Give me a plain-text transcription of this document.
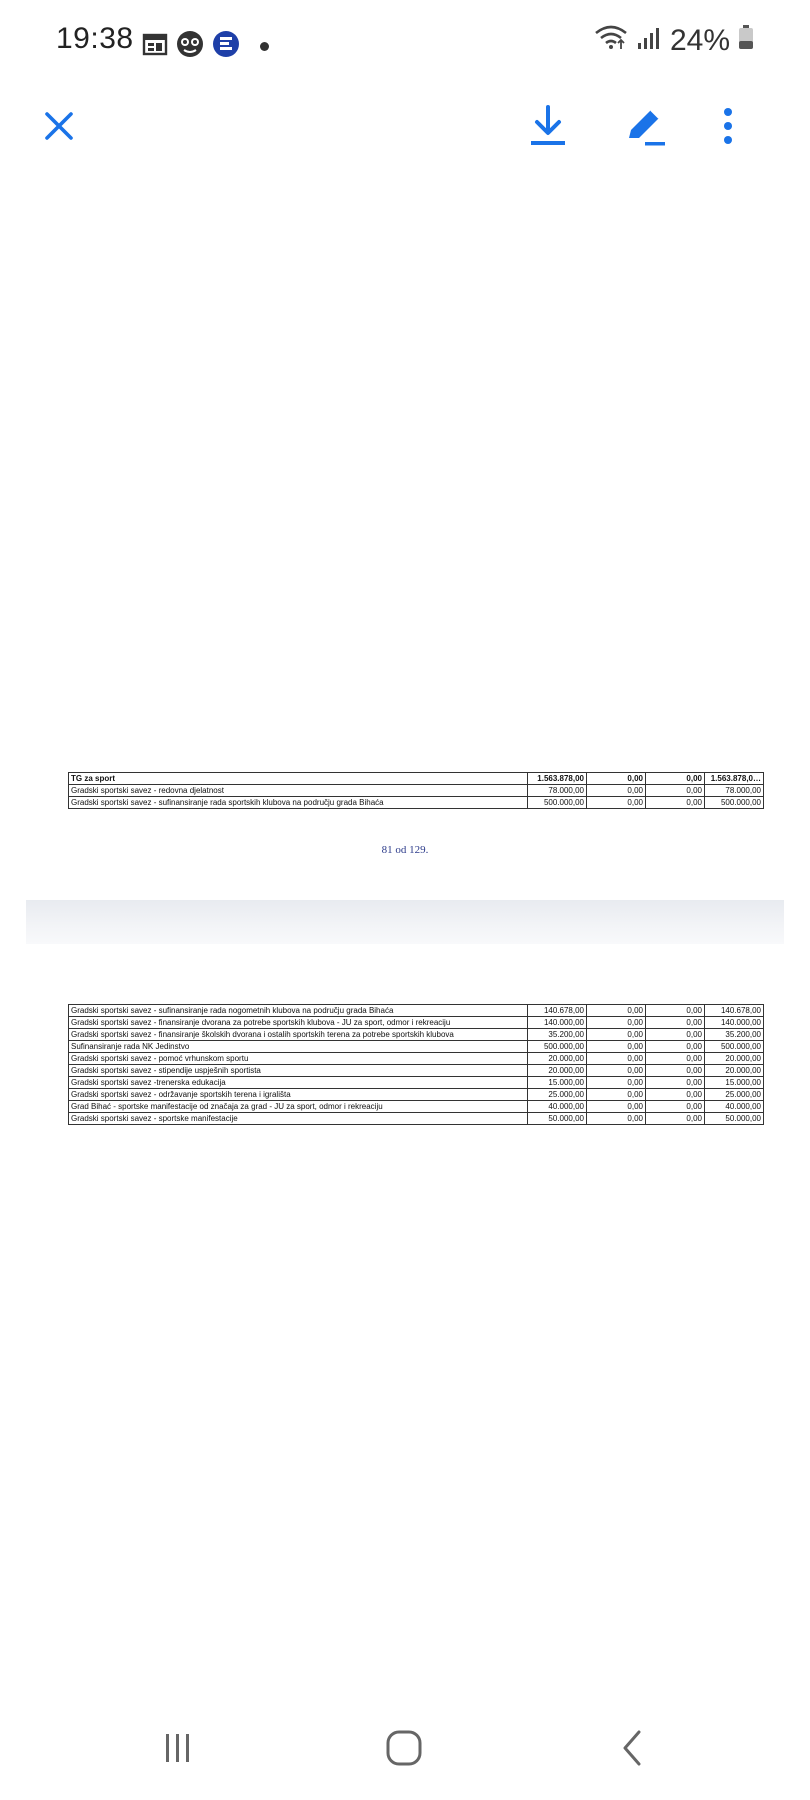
19:38	24%
TG za sport	1.563.878,00	0,00	0,00	1.563.878,0…
Gradski sportski savez - redovna djelatnost	78.000,00	0,00	0,00	78.000,00
Gradski sportski savez - sufinansiranje rada sportskih klubova na području grada Bihaća	500.000,00	0,00	0,00	500.000,00
81 od 129.
Gradski sportski savez - sufinansiranje rada nogometnih klubova na području grada Bihaća	140.678,00	0,00	0,00	140.678,00
Gradski sportski savez - finansiranje dvorana za potrebe sportskih klubova - JU za sport, odmor i rekreaciju	140.000,00	0,00	0,00	140.000,00
Gradski sportski savez - finansiranje školskih dvorana i ostalih sportskih terena za potrebe sportskih klubova	35.200,00	0,00	0,00	35.200,00
Sufinansiranje rada NK Jedinstvo	500.000,00	0,00	0,00	500.000,00
Gradski sportski savez - pomoć vrhunskom sportu	20.000,00	0,00	0,00	20.000,00
Gradski sportski savez - stipendije uspješnih sportista	20.000,00	0,00	0,00	20.000,00
Gradski sportski savez -trenerska edukacija	15.000,00	0,00	0,00	15.000,00
Gradski sportski savez - održavanje sportskih terena i igrališta	25.000,00	0,00	0,00	25.000,00
Grad Bihać - sportske manifestacije od značaja za grad - JU za sport, odmor i rekreaciju	40.000,00	0,00	0,00	40.000,00
Gradski sportski savez - sportske manifestacije	50.000,00	0,00	0,00	50.000,00
